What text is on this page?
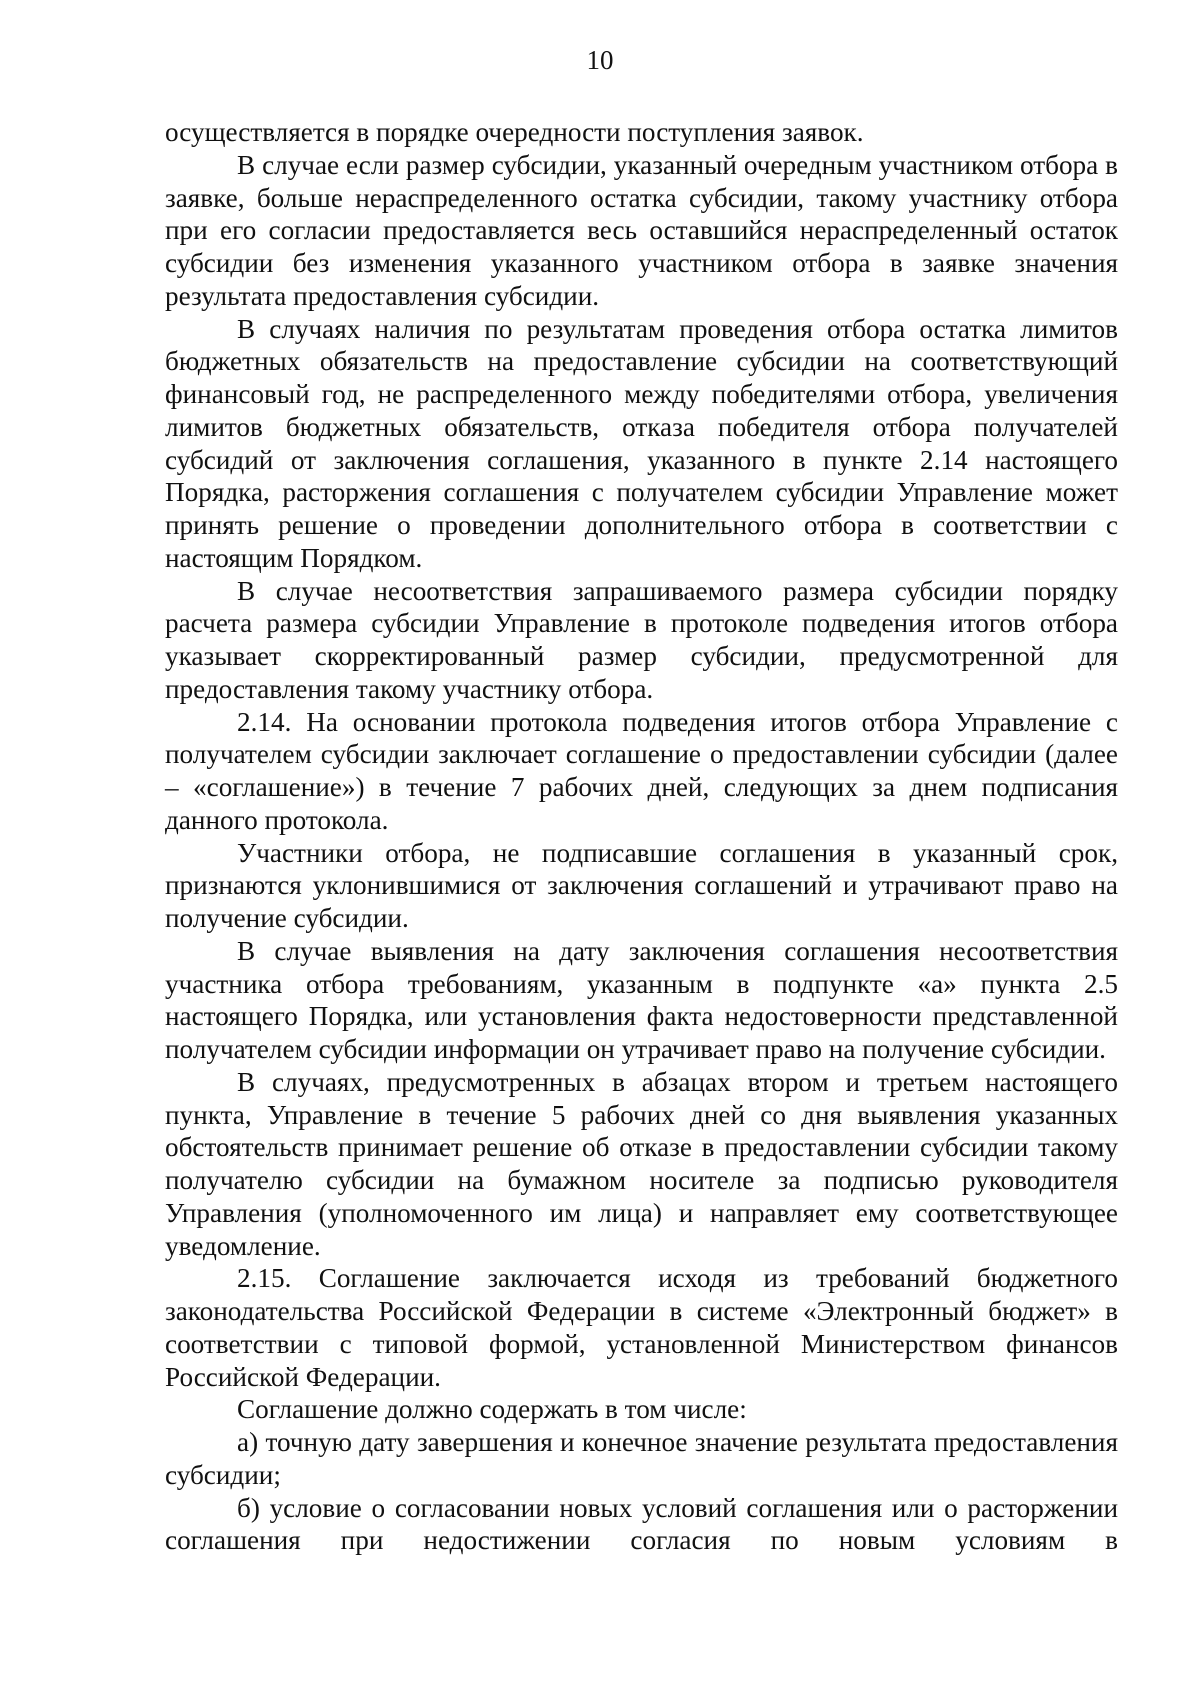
10

осуществляется в порядке очередности поступления заявок.

В случае если размер субсидии, указанный очередным участником отбора в заявке, больше нераспределенного остатка субсидии, такому участнику отбора при его согласии предоставляется весь оставшийся нераспределенный остаток субсидии без изменения указанного участником отбора в заявке значения результата предоставления субсидии.

В случаях наличия по результатам проведения отбора остатка лимитов бюджетных обязательств на предоставление субсидии на соответствующий финансовый год, не распределенного между победителями отбора, увеличения лимитов бюджетных обязательств, отказа победителя отбора получателей субсидий от заключения соглашения, указанного в пункте 2.14 настоящего Порядка, расторжения соглашения с получателем субсидии Управление может принять решение о проведении дополнительного отбора в соответствии с настоящим Порядком.

В случае несоответствия запрашиваемого размера субсидии порядку расчета размера субсидии Управление в протоколе подведения итогов отбора указывает скорректированный размер субсидии, предусмотренной для предоставления такому участнику отбора.

2.14. На основании протокола подведения итогов отбора Управление с получателем субсидии заключает соглашение о предоставлении субсидии (далее – «соглашение») в течение 7 рабочих дней, следующих за днем подписания данного протокола.

Участники отбора, не подписавшие соглашения в указанный срок, признаются уклонившимися от заключения соглашений и утрачивают право на получение субсидии.

В случае выявления на дату заключения соглашения несоответствия участника отбора требованиям, указанным в подпункте «а» пункта 2.5 настоящего Порядка, или установления факта недостоверности представленной получателем субсидии информации он утрачивает право на получение субсидии.

В случаях, предусмотренных в абзацах втором и третьем настоящего пункта, Управление в течение 5 рабочих дней со дня выявления указанных обстоятельств принимает решение об отказе в предоставлении субсидии такому получателю субсидии на бумажном носителе за подписью руководителя Управления (уполномоченного им лица) и направляет ему соответствующее уведомление.

2.15. Соглашение заключается исходя из требований бюджетного законодательства Российской Федерации в системе «Электронный бюджет» в соответствии с типовой формой, установленной Министерством финансов Российской Федерации.

Соглашение должно содержать в том числе:

а) точную дату завершения и конечное значение результата предоставления субсидии;

б) условие о согласовании новых условий соглашения или о расторжении соглашения при недостижении согласия по новым условиям в
